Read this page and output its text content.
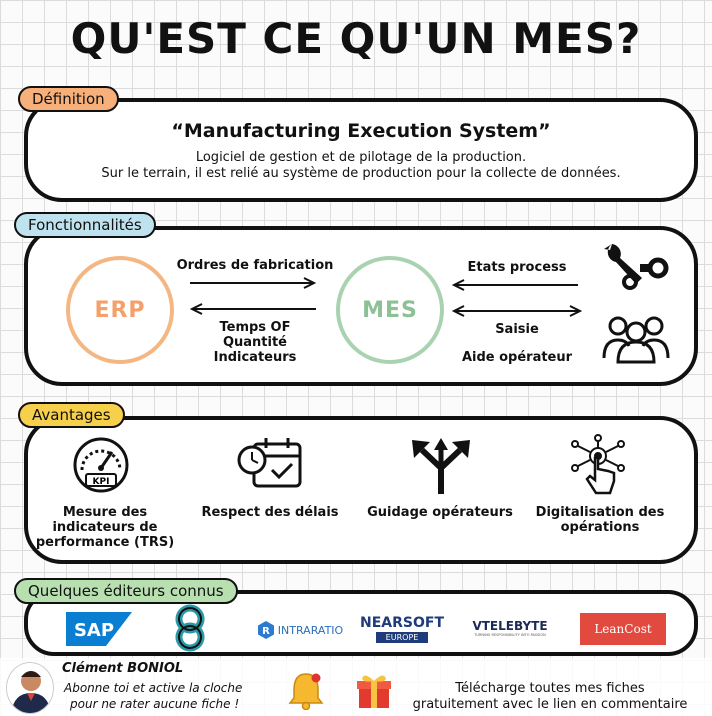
QU'EST CE QU'UN MES?
Définition
“Manufacturing Execution System”
Logiciel de gestion et de pilotage de la production.
Sur le terrain, il est relié au système de production pour la collecte de données.
Fonctionnalités
ERP	MES
Ordres de fabrication
Temps OF
Quantité
Indicateurs
Etats process
Saisie
Aide opérateur
Avantages
KPI
Mesure des
indicateurs de
performance (TRS)
Respect des délais	Guidage opérateurs	Digitalisation des
opérations
Quelques éditeurs connus
SAP	R INTRARATIO NEARSOFT
EUROPE
VTELEBYTE
TURNING RESPONSIBILITY INTO PASSION	LeanCost
Clément BONIOL
Abonne toi et active la cloche
pour ne rater aucune fiche !
Télécharge toutes mes fiches
gratuitement avec le lien en commentaire
